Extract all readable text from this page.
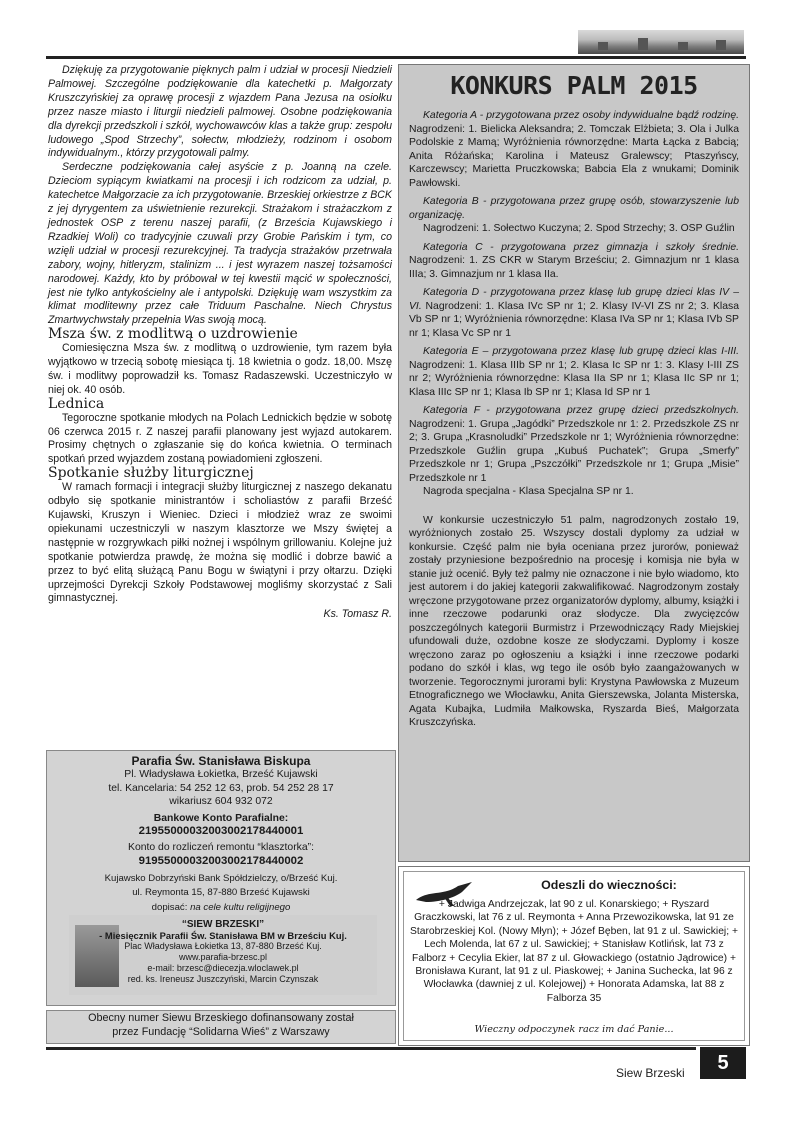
Dziękuję za przygotowanie pięknych palm i udział w procesji Niedzieli Palmowej. Szczególne podziękowanie dla katechetki p. Małgorzaty Kruszczyńskiej za oprawę procesji z wjazdem Pana Jezusa na osiołku przez nasze miasto i liturgii niedzieli palmowej. Osobne podziękowania dla dyrekcji przedszkoli i szkół, wychowawców klas a także grup: zespołu ludowego „Spod Strzechy”, sołectw, młodzieży, rodzinom i osobom indywidualnym., którzy przygotowali palmy.

Serdeczne podziękowania całej asyście z p. Joanną na czele. Dzieciom sypiącym kwiatkami na procesji i ich rodzicom za udział, p. katechetce Małgorzacie za ich przygotowanie. Brzeskiej orkiestrze z BCK z jej dyrygentem za uświetnienie rezurekcji. Strażakom i strażaczkom z jednostek OSP z terenu naszej parafii, (z Brześcia Kujawskiego i Rzadkiej Woli) co tradycyjnie czuwali przy Grobie Pańskim i tym, co wzięli udział w procesji rezurekcyjnej. Ta tradycja strażaków przetrwała zabory, wojny, hitleryzm, stalinizm ... i jest wyrazem naszej tożsamości narodowej. Każdy, kto by próbował w tej kwestii mącić w społeczności, jest nie tylko antykościelny ale i antypolski. Dziękuję wam wszystkim za klimat modlitewny przez całe Triduum Paschalne. Niech Chrystus Zmartwychwstały przepełnia Was swoją mocą.

Msza św. z modlitwą o uzdrowienie

Comiesięczna Msza św. z modlitwą o uzdrowienie, tym razem była wyjątkowo w trzecią sobotę miesiąca tj. 18 kwietnia o godz. 18,00. Mszę św. i modlitwy poprowadził ks. Tomasz Radaszewski. Uczestniczyło w niej ok. 40 osób.

Lednica

Tegoroczne spotkanie młodych na Polach Lednickich będzie w sobotę 06 czerwca 2015 r. Z naszej parafii planowany jest wyjazd autokarem. Prosimy chętnych o zgłaszanie się do końca kwietnia. O terminach spotkań przed wyjazdem zostaną powiadomieni zgłoszeni.

Spotkanie służby liturgicznej

W ramach formacji i integracji służby liturgicznej z naszego dekanatu odbyło się spotkanie ministrantów i scholiastów z parafii Brześć Kujawski, Kruszyn i Wieniec. Dzieci i młodzież wraz ze swoimi opiekunami uczestniczyli w naszym klasztorze we Mszy świętej a następnie w rozgrywkach piłki nożnej i wspólnym grillowaniu. Kolejne już spotkanie potwierdza prawdę, że można się modlić i dobrze bawić a przez to być elitą służącą Panu Bogu w świątyni i przy ołtarzu. Dzięki uprzejmości Dyrekcji Szkoły Podstawowej mogliśmy skorzystać z Sali gimnastycznej.

Ks. Tomasz R.

Parafia Św. Stanisława Biskupa

Pl. Władysława Łokietka, Brześć Kujawski

tel. Kancelaria: 54 252 12 63, prob. 54 252 28 17

wikariusz 604 932 072

Bankowe Konto Parafialne:

21955000032003002178440001

Konto do rozliczeń remontu “klasztorka”:

91955000032003002178440002

Kujawsko Dobrzyński Bank Spółdzielczy, o/Brześć Kuj.

ul. Reymonta 15, 87-880 Brześć Kujawski

dopisać: na cele kultu religijnego

“SIEW BRZESKI”
- Miesięcznik Parafii Św. Stanisława BM w Brześciu Kuj.
Plac Władysława Łokietka 13, 87-880 Brześć Kuj.
www.parafia-brzesc.pl
e-mail: brzesc@diecezja.wloclawek.pl
red. ks. Ireneusz Juszczyński, Marcin Czynszak
Obecny numer Siewu Brzeskiego dofinansowany został
przez Fundację “Solidarna Wieś” z Warszawy
KONKURS PALM 2015

Kategoria A - przygotowana przez osoby indywidualne bądź rodzinę. Nagrodzeni: 1. Bielicka Aleksandra; 2. Tomczak Elżbieta; 3. Ola i Julka Podolskie z Mamą; Wyróżnienia równorzędne: Marta Łącka z Babcią; Anita Różańska; Karolina i Mateusz Gralewscy; Ptaszyńscy, Karczewscy; Marietta Pruczkowska; Babcia Ela z wnukami; Dominik Pawłowski.

Kategoria B - przygotowana przez grupę osób, stowarzyszenie lub organizację.

Nagrodzeni: 1. Sołectwo Kuczyna; 2. Spod Strzechy; 3. OSP Guźlin

Kategoria C - przygotowana przez gimnazja i szkoły średnie. Nagrodzeni: 1. ZS CKR w Starym Brześciu; 2. Gimnazjum nr 1 klasa IIIa; 3. Gimnazjum nr 1 klasa IIa.

Kategoria D - przygotowana przez klasę lub grupę dzieci klas IV – VI. Nagrodzeni: 1. Klasa IVc SP nr 1; 2. Klasy IV-VI ZS nr 2; 3. Klasa Vb SP nr 1; Wyróżnienia równorzędne: Klasa IVa SP nr 1; Klasa IVb SP nr 1; Klasa Vc SP nr 1

Kategoria E – przygotowana przez klasę lub grupę dzieci klas I-III. Nagrodzeni: 1. Klasa IIIb SP nr 1; 2. Klasa Ic SP nr 1: 3. Klasy I-III ZS nr 2; Wyróżnienia równorzędne: Klasa IIa SP nr 1; Klasa IIc SP nr 1; Klasa IIIc SP nr 1; Klasa Ib SP nr 1; Klasa Id SP nr 1

Kategoria F - przygotowana przez grupę dzieci przedszkolnych. Nagrodzeni: 1. Grupa „Jagódki” Przedszkole nr 1: 2. Przedszkole ZS nr 2; 3. Grupa „Krasnoludki” Przedszkole nr 1; Wyróżnienia równorzędne: Przedszkole Guźlin grupa „Kubuś Puchatek”; Grupa „Smerfy” Przedszkole nr 1; Grupa „Pszczółki” Przedszkole nr 1; Grupa „Misie” Przedszkole nr 1

Nagroda specjalna - Klasa Specjalna SP nr 1.

W konkursie uczestniczyło 51 palm, nagrodzonych zostało 19, wyróżnionych zostało 25. Wszyscy dostali dyplomy za udział w konkursie. Część palm nie była oceniana przez jurorów, ponieważ zostały przyniesione bezpośrednio na procesję i komisja nie była w stanie już ocenić. Były też palmy nie oznaczone i nie było wiadomo, kto jest autorem i do jakiej kategorii zakwalifikować. Nagrodzonym zostały wręczone przygotowane przez organizatorów dyplomy, albumy, książki i inne rzeczowe podarunki oraz słodycze. Dla zwycięzców poszczególnych kategorii Burmistrz i Przewodniczący Rady Miejskiej ufundowali duże, ozdobne kosze ze słodyczami. Dyplomy i kosze wręczono zaraz po ogłoszeniu a książki i inne rzeczowe podarki podano do szkół i klas, wg tego ile osób było zaangażowanych w tworzenie. Tegorocznymi jurorami byli: Krystyna Pawłowska z Muzeum Etnograficznego we Włocławku, Anita Gierszewska, Jolanta Misterska, Agata Kubajka, Ludmiła Małkowska, Ryszarda Bieś, Małgorzata Kruszczyńska.

Odeszli do wieczności:
+ Jadwiga Andrzejczak, lat 90 z ul. Konarskiego; + Ryszard Graczkowski, lat 76 z ul. Reymonta + Anna Przewozikowska, lat 91 ze Starobrzeskiej Kol. (Nowy Młyn); + Józef Bęben, lat 91 z ul. Sawickiej; + Lech Molenda, lat 67 z ul. Sawickiej; + Stanisław Kotlińsk, lat 73 z Falborz + Cecylia Ekier, lat 87 z ul. Głowackiego (ostatnio Jądrowice) + Bronisława Kurant, lat 91 z ul. Piaskowej; + Janina Suchecka, lat 96 z Włocławka (dawniej z ul. Kolejowej) + Honorata Adamska, lat 88 z Falborza 35
Wieczny odpoczynek racz im dać Panie...
Siew Brzeski	5
